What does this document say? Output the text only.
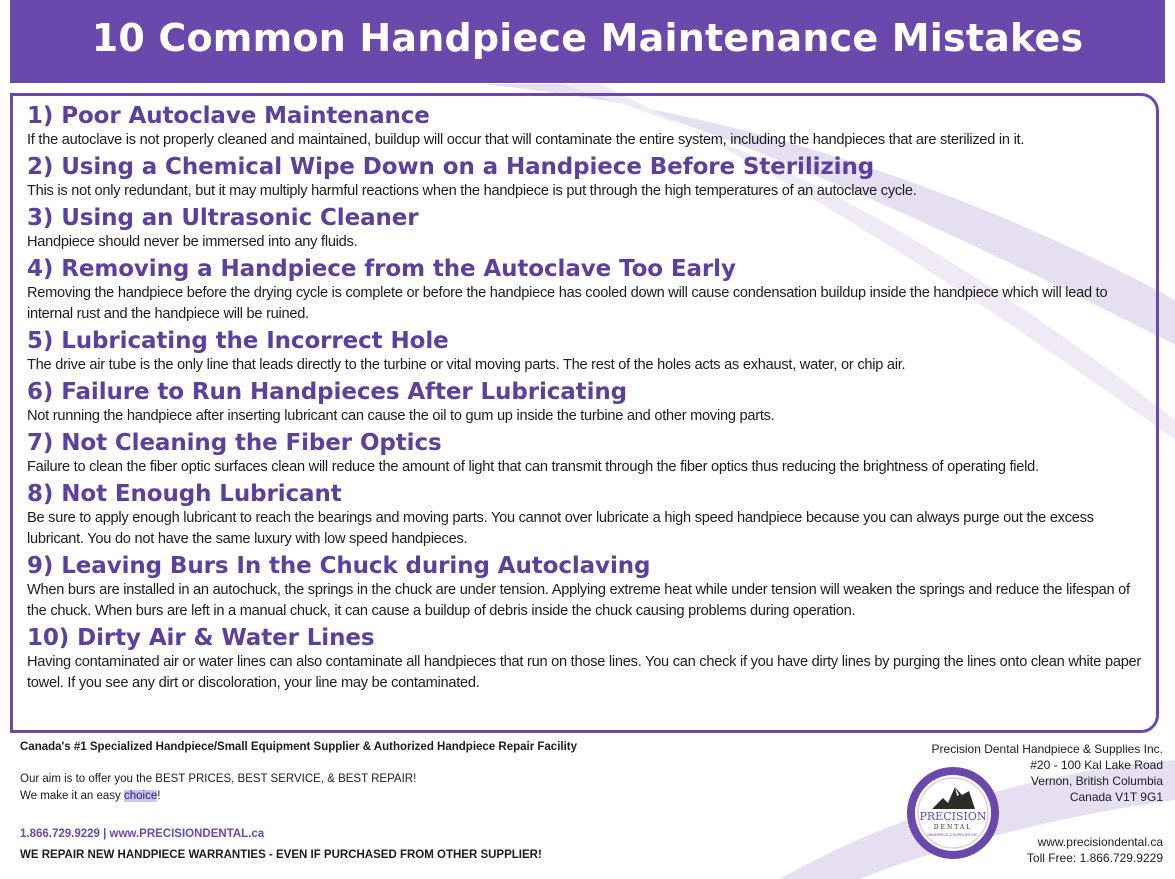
10 Common Handpiece Maintenance Mistakes
1) Poor Autoclave Maintenance
If the autoclave is not properly cleaned and maintained, buildup will occur that will contaminate the entire system, including the handpieces that are sterilized in it.
2) Using a Chemical Wipe Down on a Handpiece Before Sterilizing
This is not only redundant, but it may multiply harmful reactions when the handpiece is put through the high temperatures of an autoclave cycle.
3) Using an Ultrasonic Cleaner
Handpiece should never be immersed into any fluids.
4) Removing a Handpiece from the Autoclave Too Early
Removing the handpiece before the drying cycle is complete or before the handpiece has cooled down will cause condensation buildup inside the handpiece which will lead to internal rust and the handpiece will be ruined.
5) Lubricating the Incorrect Hole
The drive air tube is the only line that leads directly to the turbine or vital moving parts. The rest of the holes acts as exhaust, water, or chip air.
6) Failure to Run Handpieces After Lubricating
Not running the handpiece after inserting lubricant can cause the oil to gum up inside the turbine and other moving parts.
7) Not Cleaning the Fiber Optics
Failure to clean the fiber optic surfaces clean will reduce the amount of light that can transmit through the fiber optics thus reducing the brightness of operating field.
8) Not Enough Lubricant
Be sure to apply enough lubricant to reach the bearings and moving parts. You cannot over lubricate a high speed handpiece because you can always purge out the excess lubricant. You do not have the same luxury with low speed handpieces.
9) Leaving Burs In the Chuck during Autoclaving
When burs are installed in an autochuck, the springs in the chuck are under tension. Applying extreme heat while under tension will weaken the springs and reduce the lifespan of the chuck. When burs are left in a manual chuck, it can cause a buildup of debris inside the chuck causing problems during operation.
10) Dirty Air & Water Lines
Having contaminated air or water lines can also contaminate all handpieces that run on those lines. You can check if you have dirty lines by purging the lines onto clean white paper towel. If you see any dirt or discoloration, your line may be contaminated.
Canada's #1 Specialized Handpiece/Small Equipment Supplier & Authorized Handpiece Repair Facility
Our aim is to offer you the BEST PRICES, BEST SERVICE, & BEST REPAIR!
We make it an easy choice!
1.866.729.9229 | www.PRECISIONDENTAL.ca
WE REPAIR NEW HANDPIECE WARRANTIES - EVEN IF PURCHASED FROM OTHER SUPPLIER!
Precision Dental Handpiece & Supplies Inc.
#20 - 100 Kal Lake Road
Vernon, British Columbia
Canada V1T 9G1
www.precisiondental.ca
Toll Free: 1.866.729.9229
PRECISION
DENTAL
HANDPIECE & SUPPLIES INC.
